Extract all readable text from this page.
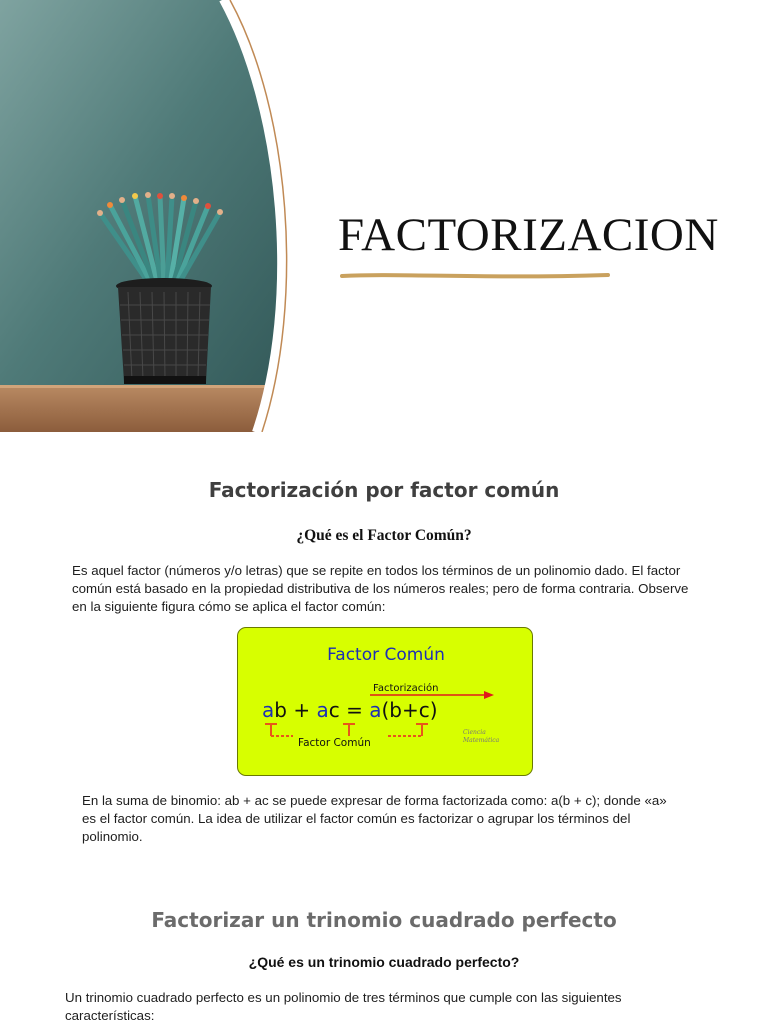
FACTORIZACION
Factorización por factor común
¿Qué es el Factor Común?

Es aquel factor (números y/o letras) que se repite en todos los términos de un polinomio dado. El factor común está basado en la propiedad distributiva de los números reales; pero de forma contraria. Observe en la siguiente figura cómo se aplica el factor común:

Ciencia
Matemática
Factor Común
Factorización
ab + ac = a(b+c)
Factor Común

En la suma de binomio: ab + ac se puede expresar de forma factorizada como: a(b + c); donde «a» es el factor común. La idea de utilizar el factor común es factorizar o agrupar los términos del polinomio.

Factorizar un trinomio cuadrado perfecto
¿Qué es un trinomio cuadrado perfecto?

Un trinomio cuadrado perfecto es un polinomio de tres términos que cumple con las siguientes características:
